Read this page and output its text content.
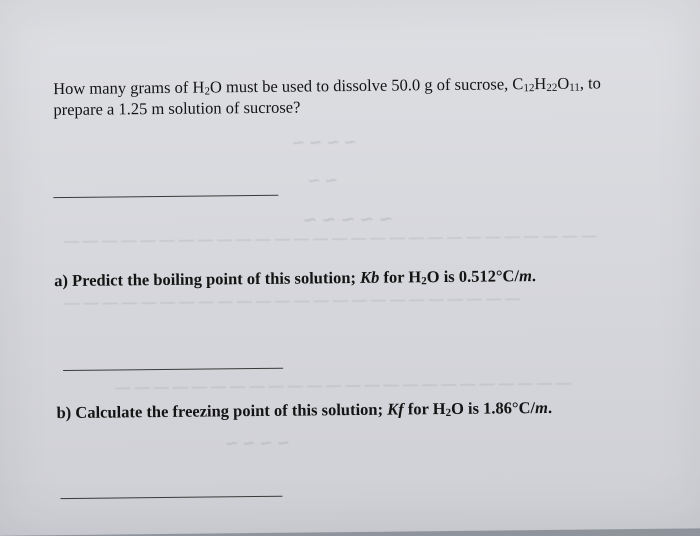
~ ~ ~ ~
~ ~
~ ~ ~ ~ ~
— — — — — — — — — — — — — — — — — — — — — — — — — — — —
— — — — — — — — — — — — — — — — — — — — — — — —
— — — — — — — — — — — — — — — — — — — — — — — —
~ ~ ~ ~
How many grams of $H_2O$ must be used to dissolve 50.0 g of sucrose, $C_{12}H_{22}O_{11}$, to
prepare a 1.25 m solution of sucrose?
a) Predict the boiling point of this solution; Kb for $H_2O$ is 0.512°C/m.
b) Calculate the freezing point of this solution; Kf for $H_2O$ is 1.86°C/m.
